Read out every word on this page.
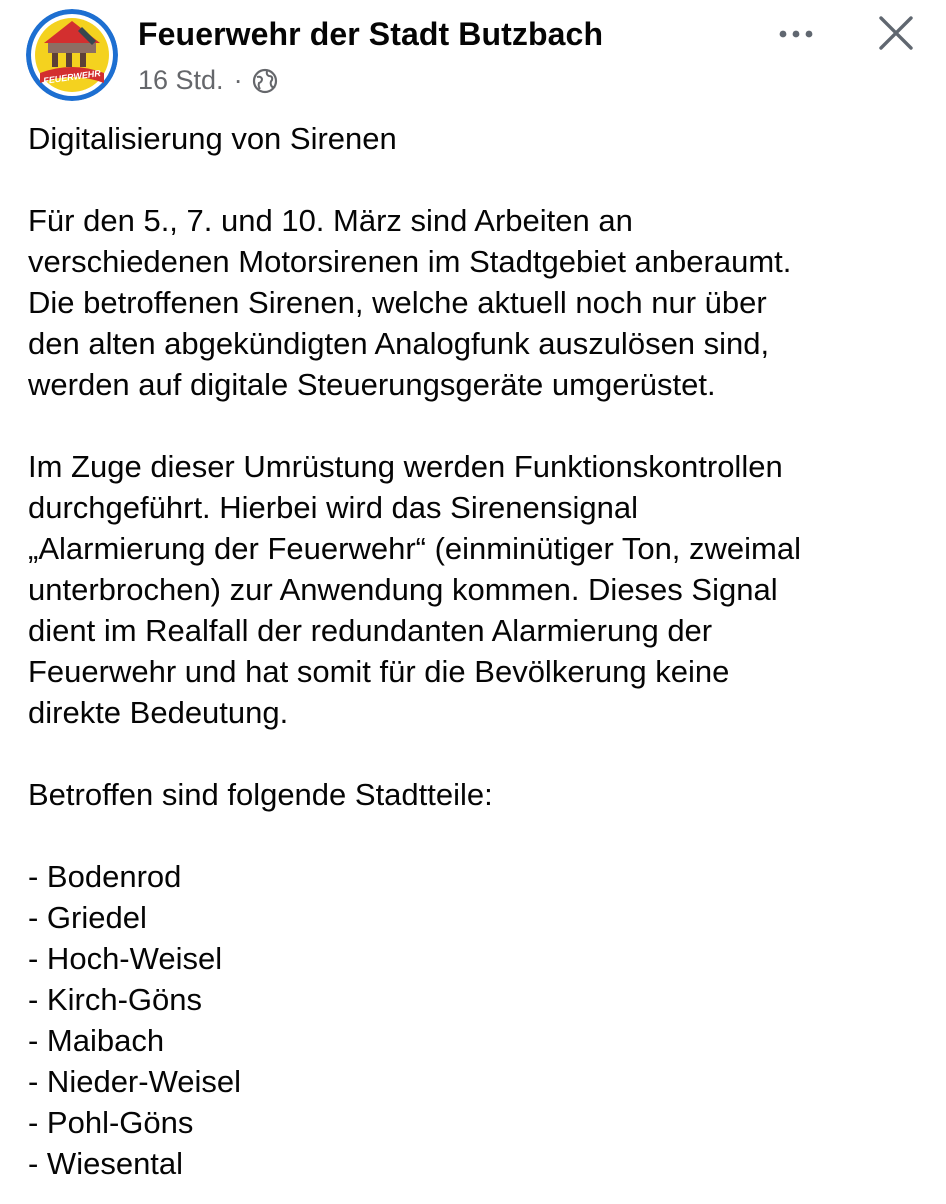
FEUERWEHR
Feuerwehr der Stadt Butzbach
16 Std. ·

Digitalisierung von Sirenen

Für den 5., 7. und 10. März sind Arbeiten an
verschiedenen Motorsirenen im Stadtgebiet anberaumt.
Die betroffenen Sirenen, welche aktuell noch nur über
den alten abgekündigten Analogfunk auszulösen sind,
werden auf digitale Steuerungsgeräte umgerüstet.

Im Zuge dieser Umrüstung werden Funktionskontrollen
durchgeführt. Hierbei wird das Sirenensignal
„Alarmierung der Feuerwehr“ (einminütiger Ton, zweimal
unterbrochen) zur Anwendung kommen. Dieses Signal
dient im Realfall der redundanten Alarmierung der
Feuerwehr und hat somit für die Bevölkerung keine
direkte Bedeutung.

Betroffen sind folgende Stadtteile:

- Bodenrod
- Griedel
- Hoch-Weisel
- Kirch-Göns
- Maibach
- Nieder-Weisel
- Pohl-Göns
- Wiesental
